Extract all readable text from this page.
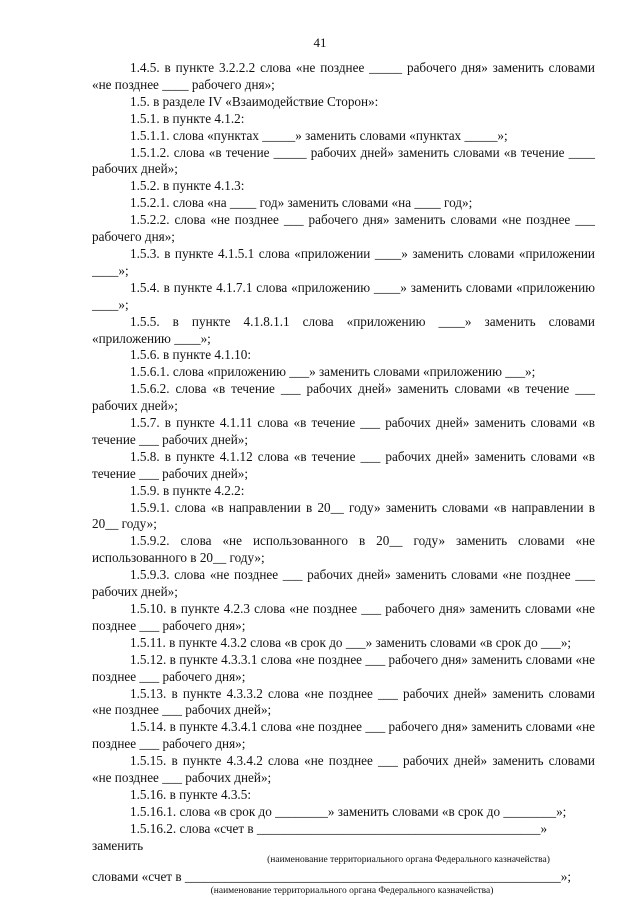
41

1.4.5. в пункте 3.2.2.2 слова «не позднее _____ рабочего дня» заменить словами «не позднее ____ рабочего дня»;

1.5. в разделе IV «Взаимодействие Сторон»:

1.5.1. в пункте 4.1.2:

1.5.1.1. слова «пунктах _____» заменить словами «пунктах _____»;

1.5.1.2. слова «в течение _____ рабочих дней» заменить словами «в течение ____ рабочих дней»;

1.5.2. в пункте 4.1.3:

1.5.2.1. слова «на ____ год» заменить словами «на ____ год»;

1.5.2.2. слова «не позднее ___ рабочего дня» заменить словами «не позднее ___ рабочего дня»;

1.5.3. в пункте 4.1.5.1 слова «приложении ____» заменить словами «приложении ____»;

1.5.4. в пункте 4.1.7.1 слова «приложению ____» заменить словами «приложению ____»;

1.5.5. в пункте 4.1.8.1.1 слова «приложению ____» заменить словами «приложению ____»;

1.5.6. в пункте 4.1.10:

1.5.6.1. слова «приложению ___» заменить словами «приложению ___»;

1.5.6.2. слова «в течение ___ рабочих дней» заменить словами «в течение ___ рабочих дней»;

1.5.7. в пункте 4.1.11 слова «в течение ___ рабочих дней» заменить словами «в течение ___ рабочих дней»;

1.5.8. в пункте 4.1.12 слова «в течение ___ рабочих дней» заменить словами «в течение ___ рабочих дней»;

1.5.9. в пункте 4.2.2:

1.5.9.1. слова «в направлении в 20__ году» заменить словами «в направлении в 20__ году»;

1.5.9.2. слова «не использованного в 20__ году» заменить словами «не использованного в 20__ году»;

1.5.9.3. слова «не позднее ___ рабочих дней» заменить словами «не позднее ___ рабочих дней»;

1.5.10. в пункте 4.2.3 слова «не позднее ___ рабочего дня» заменить словами «не позднее ___ рабочего дня»;

1.5.11. в пункте 4.3.2 слова «в срок до ___» заменить словами «в срок до ___»;

1.5.12. в пункте 4.3.3.1 слова «не позднее ___ рабочего дня» заменить словами «не позднее ___ рабочего дня»;

1.5.13. в пункте 4.3.3.2 слова «не позднее ___ рабочих дней» заменить словами «не позднее ___ рабочих дней»;

1.5.14. в пункте 4.3.4.1 слова «не позднее ___ рабочего дня» заменить словами «не позднее ___ рабочего дня»;

1.5.15. в пункте 4.3.4.2 слова «не позднее ___ рабочих дней» заменить словами «не позднее ___ рабочих дней»;

1.5.16. в пункте 4.3.5:

1.5.16.1. слова «в срок до ________» заменить словами «в срок до ________»;

1.5.16.2. слова «счет в ___________________________________________» заменить

(наименование территориального органа Федерального казначейства)
словами «счет в _________________________________________________________»;
(наименование территориального органа Федерального казначейства)
